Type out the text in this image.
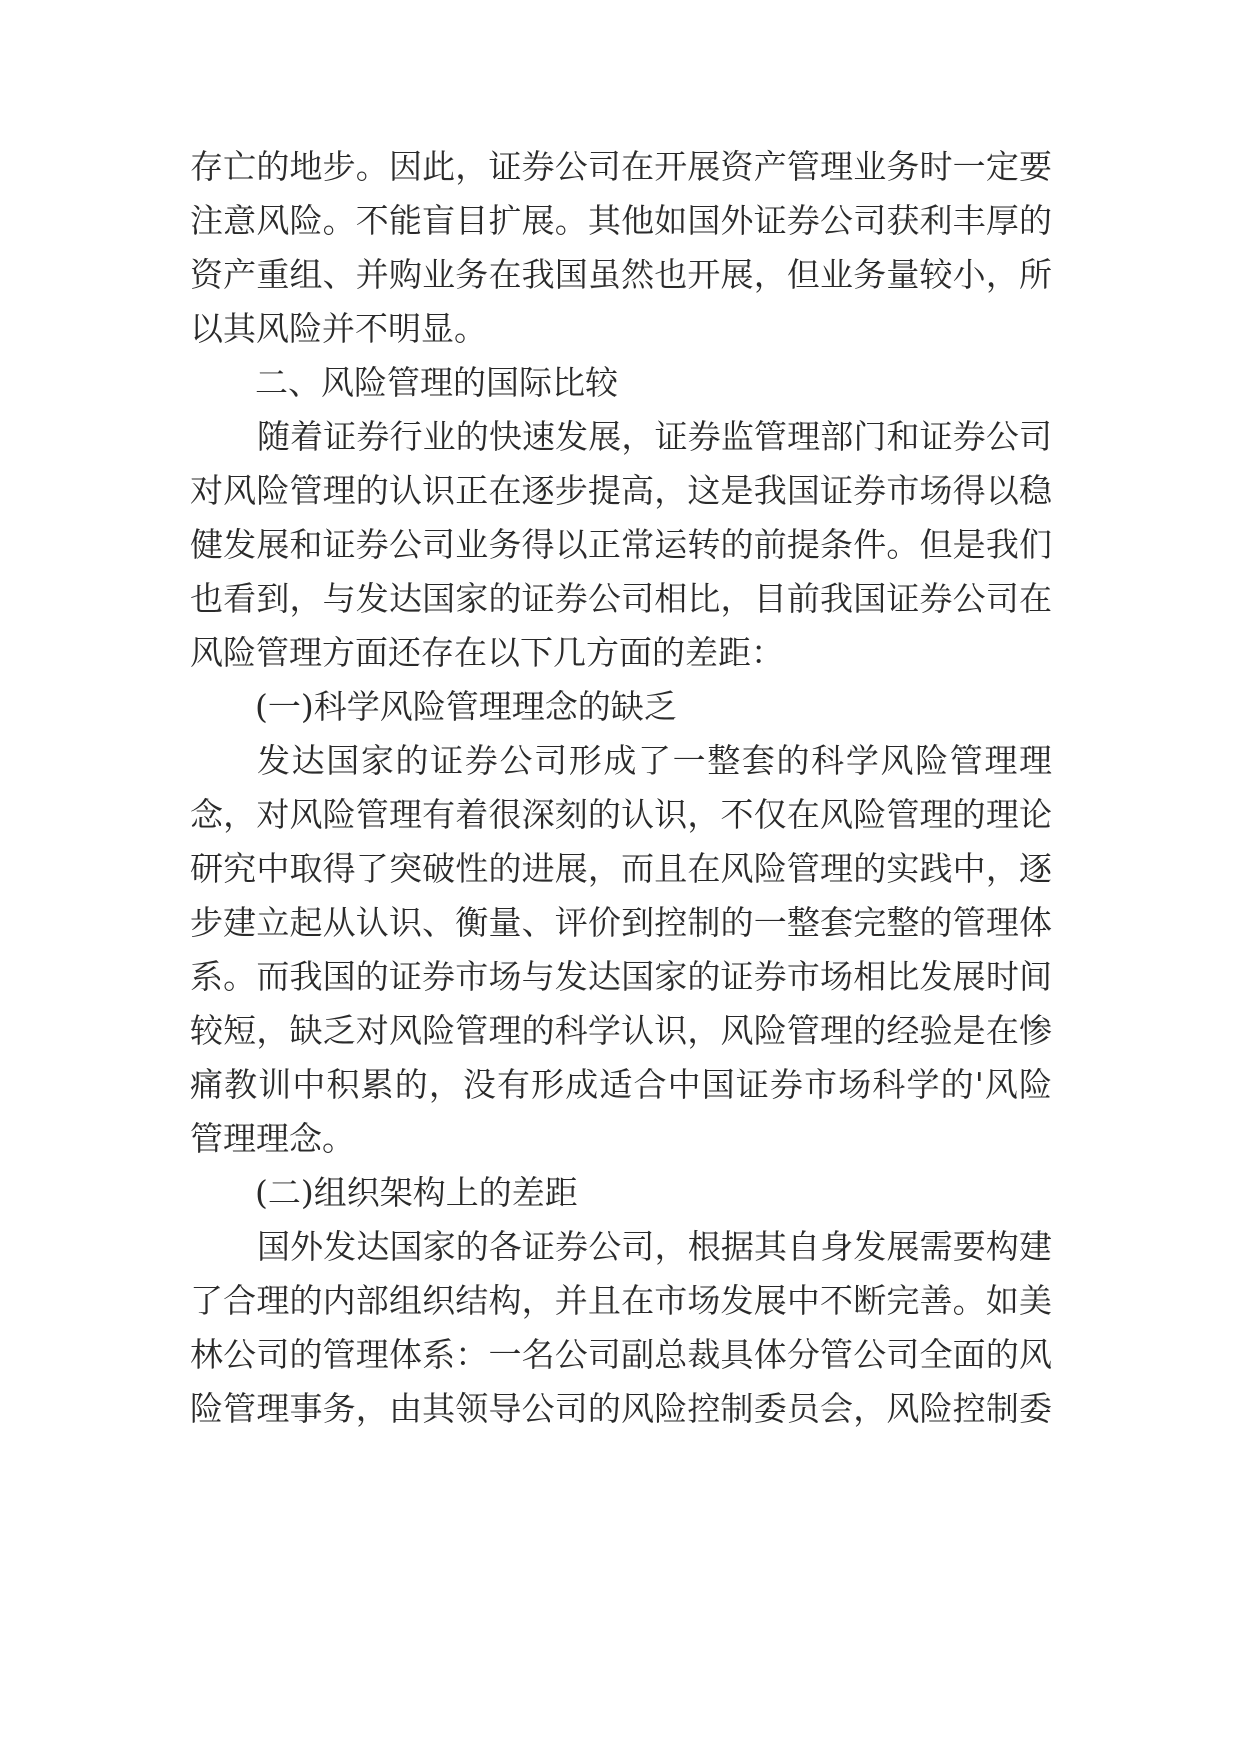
存亡的地步。因此，证券公司在开展资产管理业务时一定要
注意风险。不能盲目扩展。其他如国外证券公司获利丰厚的
资产重组、并购业务在我国虽然也开展，但业务量较小，所
以其风险并不明显。
二、风险管理的国际比较
随着证券行业的快速发展，证券监管理部门和证券公司
对风险管理的认识正在逐步提高，这是我国证券市场得以稳
健发展和证券公司业务得以正常运转的前提条件。但是我们
也看到，与发达国家的证券公司相比，目前我国证券公司在
风险管理方面还存在以下几方面的差距：
(一)科学风险管理理念的缺乏
发达国家的证券公司形成了一整套的科学风险管理理
念，对风险管理有着很深刻的认识，不仅在风险管理的理论
研究中取得了突破性的进展，而且在风险管理的实践中，逐
步建立起从认识、衡量、评价到控制的一整套完整的管理体
系。而我国的证券市场与发达国家的证券市场相比发展时间
较短，缺乏对风险管理的科学认识，风险管理的经验是在惨
痛教训中积累的，没有形成适合中国证券市场科学的'风险
管理理念。
(二)组织架构上的差距
国外发达国家的各证券公司，根据其自身发展需要构建
了合理的内部组织结构，并且在市场发展中不断完善。如美
林公司的管理体系：一名公司副总裁具体分管公司全面的风
险管理事务，由其领导公司的风险控制委员会，风险控制委
